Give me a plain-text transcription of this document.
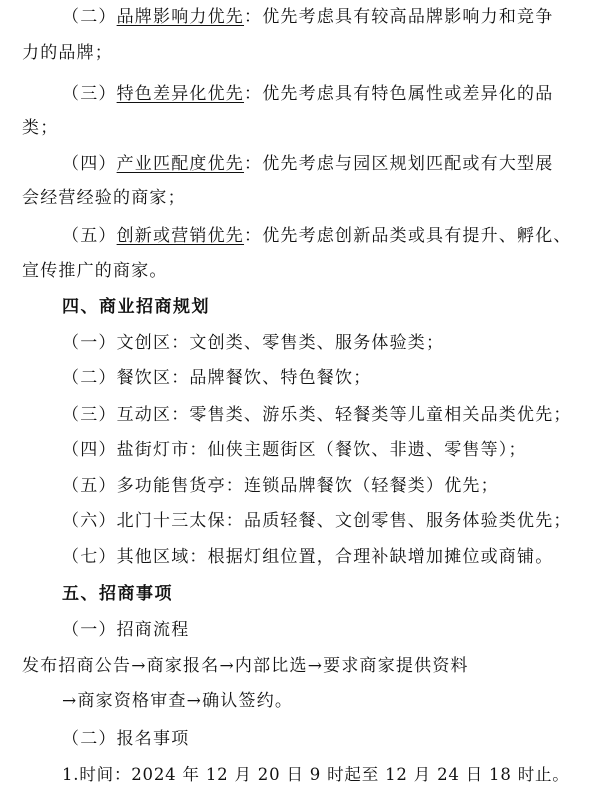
（二）品牌影响力优先：优先考虑具有较高品牌影响力和竞争
力的品牌；
（三）特色差异化优先：优先考虑具有特色属性或差异化的品
类；
（四）产业匹配度优先：优先考虑与园区规划匹配或有大型展
会经营经验的商家；
（五）创新或营销优先：优先考虑创新品类或具有提升、孵化、
宣传推广的商家。
四、商业招商规划
（一）文创区：文创类、零售类、服务体验类；
（二）餐饮区：品牌餐饮、特色餐饮；
（三）互动区：零售类、游乐类、轻餐类等儿童相关品类优先；
（四）盐街灯市：仙侠主题街区（餐饮、非遗、零售等）；
（五）多功能售货亭：连锁品牌餐饮（轻餐类）优先；
（六）北门十三太保：品质轻餐、文创零售、服务体验类优先；
（七）其他区域：根据灯组位置，合理补缺增加摊位或商铺。
五、招商事项
（一）招商流程
发布招商公告→商家报名→内部比选→要求商家提供资料
→商家资格审查→确认签约。
（二）报名事项
1.时间：2024 年 12 月 20 日 9 时起至 12 月 24 日 18 时止。
